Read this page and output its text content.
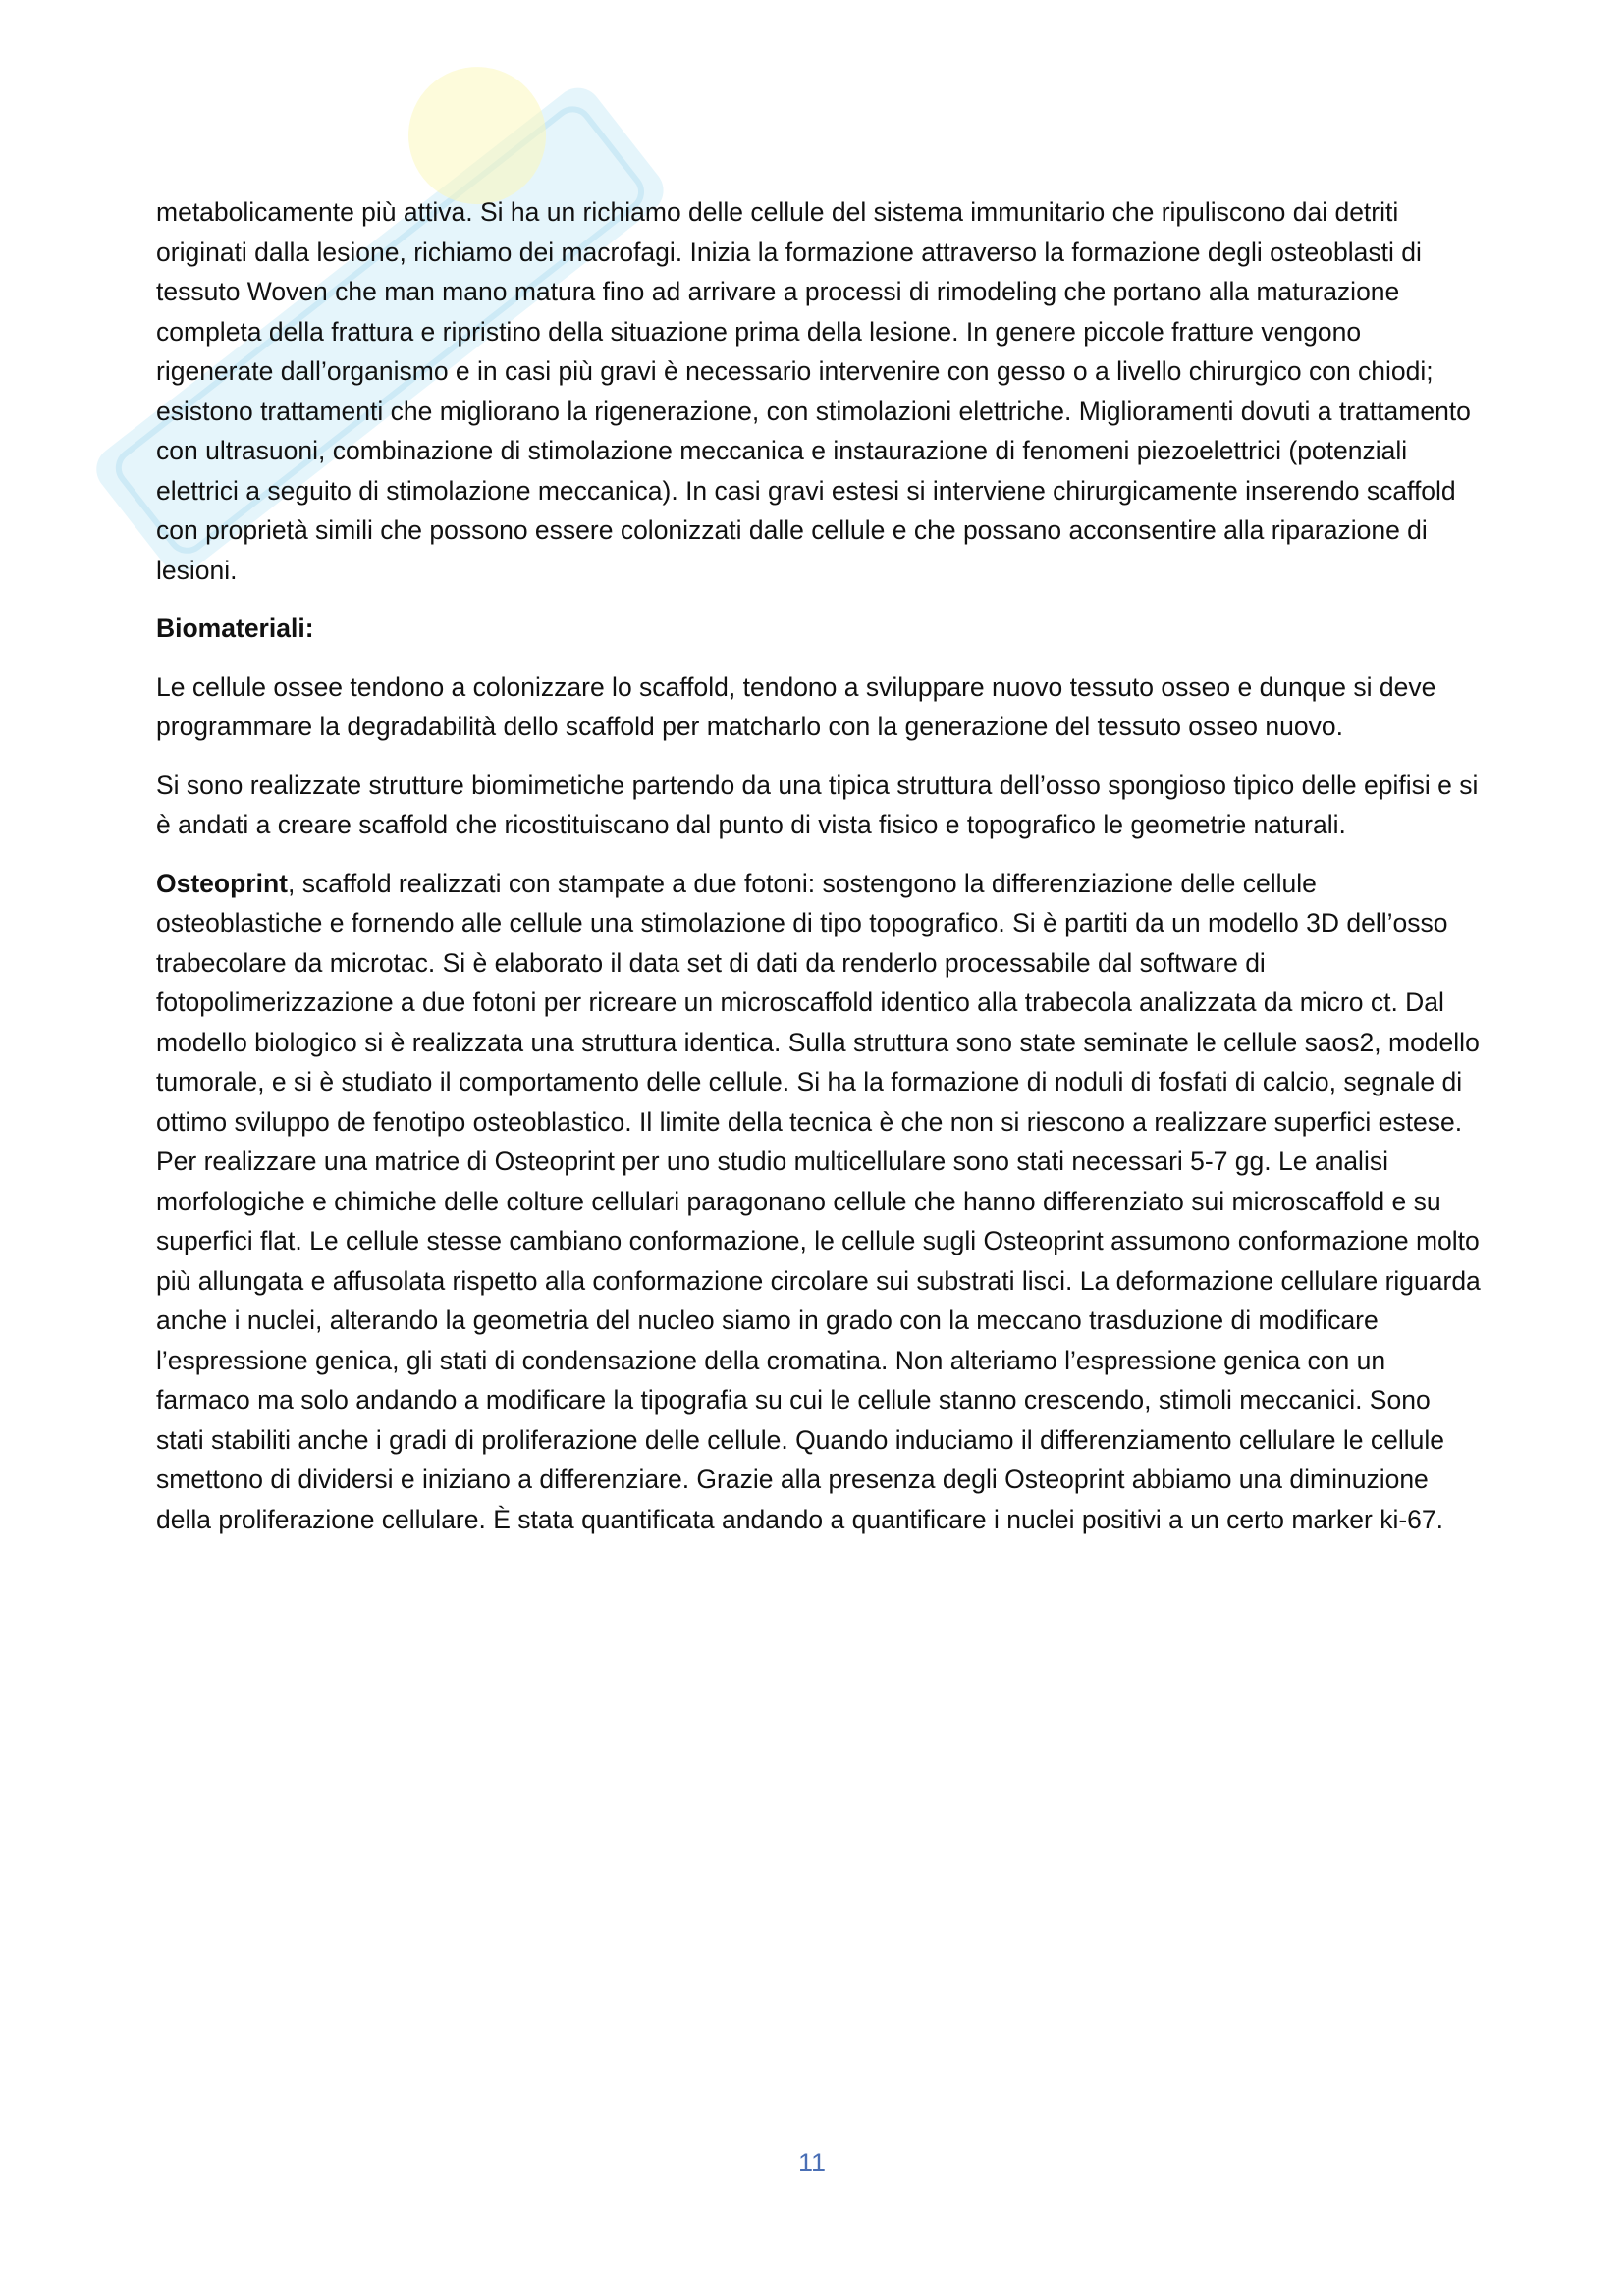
metabolicamente più attiva. Si ha un richiamo delle cellule del sistema immunitario che ripuliscono dai detriti originati dalla lesione, richiamo dei macrofagi. Inizia la formazione attraverso la formazione degli osteoblasti di tessuto Woven che man mano matura fino ad arrivare a processi di rimodeling che portano alla maturazione completa della frattura e ripristino della situazione prima della lesione. In genere piccole fratture vengono rigenerate dall’organismo e in casi più gravi è necessario intervenire con gesso o a livello chirurgico con chiodi; esistono trattamenti che migliorano la rigenerazione, con stimolazioni elettriche. Miglioramenti dovuti a trattamento con ultrasuoni, combinazione di stimolazione meccanica e instaurazione di fenomeni piezoelettrici (potenziali elettrici a seguito di stimolazione meccanica). In casi gravi estesi si interviene chirurgicamente inserendo scaffold con proprietà simili che possono essere colonizzati dalle cellule e che possano acconsentire alla riparazione di lesioni.

Biomateriali:

Le cellule ossee tendono a colonizzare lo scaffold, tendono a sviluppare nuovo tessuto osseo e dunque si deve programmare la degradabilità dello scaffold per matcharlo con la generazione del tessuto osseo nuovo.

Si sono realizzate strutture biomimetiche partendo da una tipica struttura dell’osso spongioso tipico delle epifisi e si è andati a creare scaffold che ricostituiscano dal punto di vista fisico e topografico le geometrie naturali.

Osteoprint, scaffold realizzati con stampate a due fotoni: sostengono la differenziazione delle cellule osteoblastiche e fornendo alle cellule una stimolazione di tipo topografico. Si è partiti da un modello 3D dell’osso trabecolare da microtac. Si è elaborato il data set di dati da renderlo processabile dal software di fotopolimerizzazione a due fotoni per ricreare un microscaffold identico alla trabecola analizzata da micro ct. Dal modello biologico si è realizzata una struttura identica. Sulla struttura sono state seminate le cellule saos2, modello tumorale, e si è studiato il comportamento delle cellule. Si ha la formazione di noduli di fosfati di calcio, segnale di ottimo sviluppo de fenotipo osteoblastico. Il limite della tecnica è che non si riescono a realizzare superfici estese. Per realizzare una matrice di Osteoprint per uno studio multicellulare sono stati necessari 5-7 gg. Le analisi morfologiche e chimiche delle colture cellulari paragonano cellule che hanno differenziato sui microscaffold e su superfici flat. Le cellule stesse cambiano conformazione, le cellule sugli Osteoprint assumono conformazione molto più allungata e affusolata rispetto alla conformazione circolare sui substrati lisci. La deformazione cellulare riguarda anche i nuclei, alterando la geometria del nucleo siamo in grado con la meccano trasduzione di modificare l’espressione genica, gli stati di condensazione della cromatina. Non alteriamo l’espressione genica con un farmaco ma solo andando a modificare la tipografia su cui le cellule stanno crescendo, stimoli meccanici. Sono stati stabiliti anche i gradi di proliferazione delle cellule. Quando induciamo il differenziamento cellulare le cellule smettono di dividersi e iniziano a differenziare. Grazie alla presenza degli Osteoprint abbiamo una diminuzione della proliferazione cellulare. È stata quantificata andando a quantificare i nuclei positivi a un certo marker ki-67.

11
